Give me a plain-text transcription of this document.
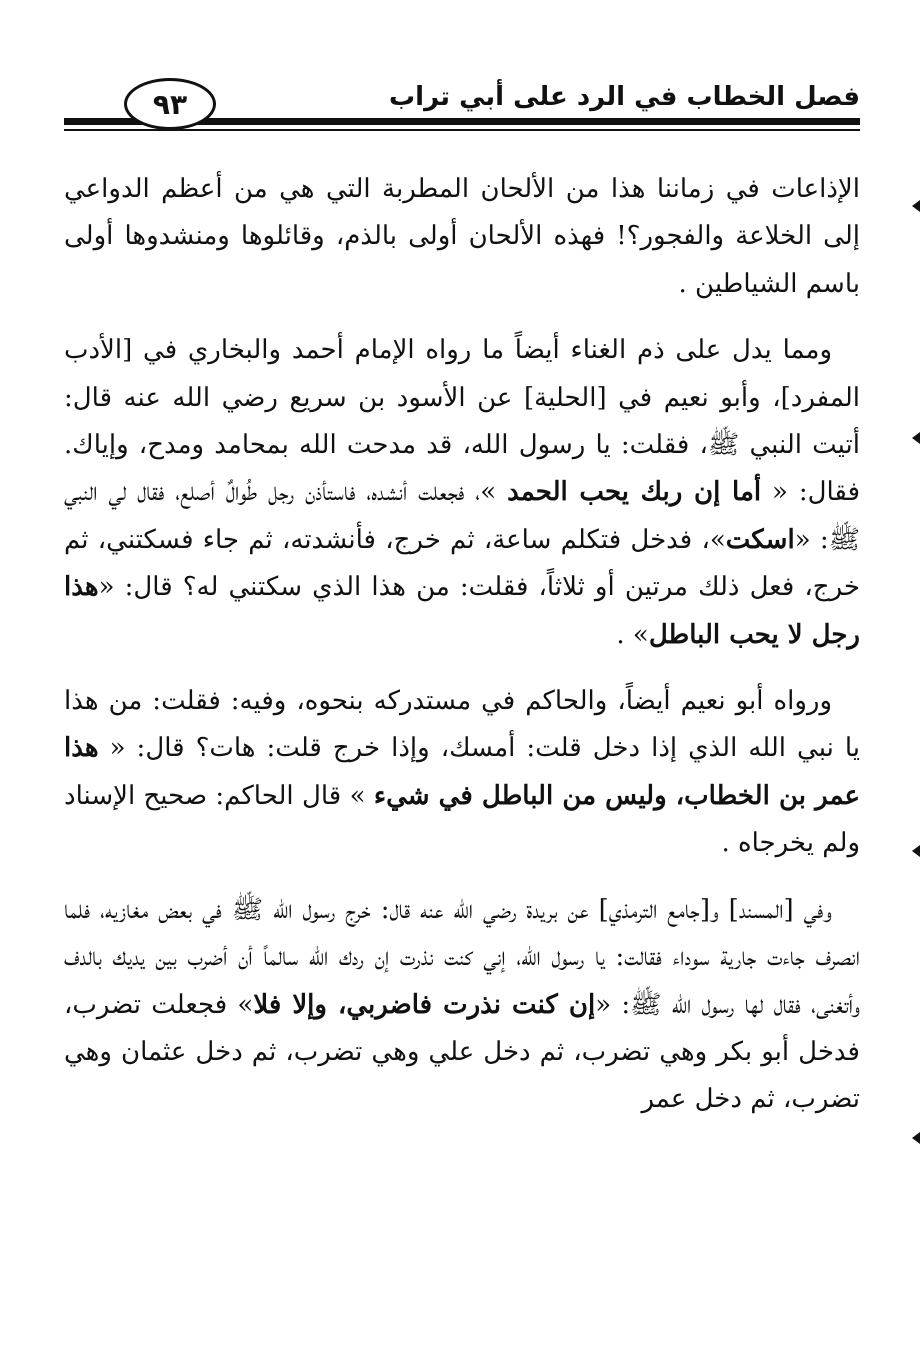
فصل الخطاب في الرد على أبي تراب
٩٣

الإذاعات في زماننا هذا من الألحان المطربة التي هي من أعظم الدواعي إلى الخلاعة والفجور؟! فهذه الألحان أولى بالذم، وقائلوها ومنشدوها أولى باسم الشياطين .

ومما يدل على ذم الغناء أيضاً ما رواه الإمام أحمد والبخاري في [الأدب المفرد]، وأبو نعيم في [الحلية] عن الأسود بن سريع رضي الله عنه قال: أتيت النبي ﷺ، فقلت: يا رسول الله، قد مدحت الله بمحامد ومدح، وإياك. فقال: « أما إن ربك يحب الحمد »، فجعلت أنشده، فاستأذن رجل طُوالٌ أصلع، فقال لي النبي ﷺ: «اسكت»، فدخل فتكلم ساعة، ثم خرج، فأنشدته، ثم جاء فسكتني، ثم خرج، فعل ذلك مرتين أو ثلاثاً، فقلت: من هذا الذي سكتني له؟ قال: «هذا رجل لا يحب الباطل» .

ورواه أبو نعيم أيضاً، والحاكم في مستدركه بنحوه، وفيه: فقلت: من هذا يا نبي الله الذي إذا دخل قلت: أمسك، وإذا خرج قلت: هات؟ قال: « هذا عمر بن الخطاب، وليس من الباطل في شيء » قال الحاكم: صحيح الإسناد ولم يخرجاه .

وفي [المسند] و[جامع الترمذي] عن بريدة رضي الله عنه قال: خرج رسول الله ﷺ في بعض مغازيه، فلما انصرف جاءت جارية سوداء فقالت: يا رسول الله، إني كنت نذرت إن ردك الله سالماً أن أضرب بين يديك بالدف وأتغنى، فقال لها رسول الله ﷺ: «إن كنت نذرت فاضربي، وإلا فلا» فجعلت تضرب، فدخل أبو بكر وهي تضرب، ثم دخل علي وهي تضرب، ثم دخل عثمان وهي تضرب، ثم دخل عمر
